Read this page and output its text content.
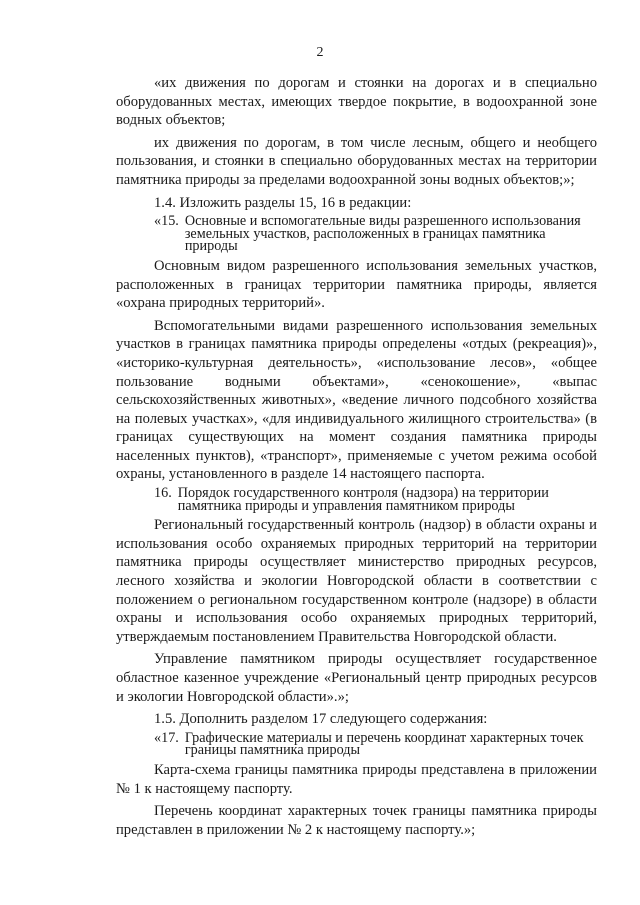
2

«их движения по дорогам и стоянки на дорогах и в специально оборудованных местах, имеющих твердое покрытие, в водоохранной зоне водных объектов;

их движения по дорогам, в том числе лесным, общего и необщего пользования, и стоянки в специально оборудованных местах на территории памятника природы за пределами водоохранной зоны водных объектов;»;

1.4. Изложить разделы 15, 16 в редакции:

«15. Основные и вспомогательные виды разрешенного использования земельных участков, расположенных в границах памятника природы

Основным видом разрешенного использования земельных участков, расположенных в границах территории памятника природы, является «охрана природных территорий».

Вспомогательными видами разрешенного использования земельных участков в границах памятника природы определены «отдых (рекреация)», «историко-культурная деятельность», «использование лесов», «общее пользование водными объектами», «сенокошение», «выпас сельскохозяйственных животных», «ведение личного подсобного хозяйства на полевых участках», «для индивидуального жилищного строительства» (в границах существующих на момент создания памятника природы населенных пунктов), «транспорт», применяемые с учетом режима особой охраны, установленного в разделе 14 настоящего паспорта.

16. Порядок государственного контроля (надзора) на территории памятника природы и управления памятником природы

Региональный государственный контроль (надзор) в области охраны и использования особо охраняемых природных территорий на территории памятника природы осуществляет министерство природных ресурсов, лесного хозяйства и экологии Новгородской области в соответствии с положением о региональном государственном контроле (надзоре) в области охраны и использования особо охраняемых природных территорий, утверждаемым постановлением Правительства Новгородской области.

Управление памятником природы осуществляет государственное областное казенное учреждение «Региональный центр природных ресурсов и экологии Новгородской области».»;

1.5. Дополнить разделом 17 следующего содержания:

«17. Графические материалы и перечень координат характерных точек границы памятника природы

Карта-схема границы памятника природы представлена в приложении № 1 к настоящему паспорту.

Перечень координат характерных точек границы памятника природы представлен в приложении № 2 к настоящему паспорту.»;
